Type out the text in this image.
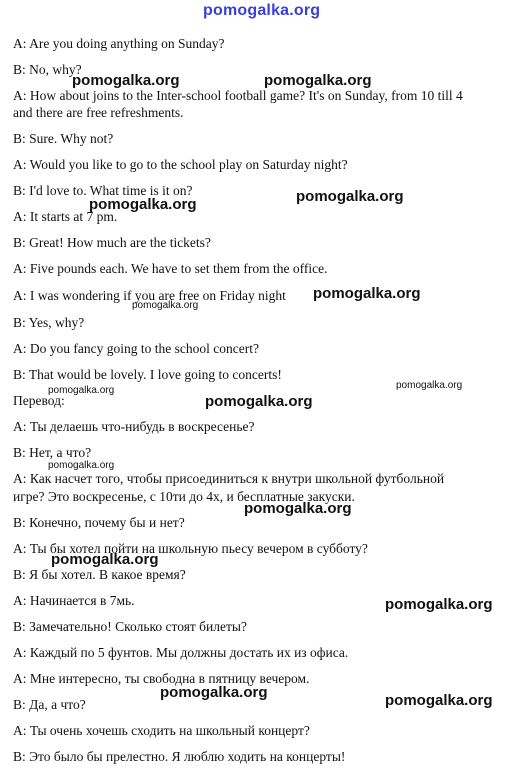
pomogalka.org
A: Are you doing anything on Sunday?
B: No, why?
A: How about joins to the Inter-school football game? It's on Sunday, from 10 till 4
and there are free refreshments.
B: Sure. Why not?
A: Would you like to go to the school play on Saturday night?
B: I'd love to. What time is it on?
A: It starts at 7 pm.
B: Great! How much are the tickets?
A: Five pounds each. We have to set them from the office.
A: I was wondering if you are free on Friday night
B: Yes, why?
A: Do you fancy going to the school concert?
B: That would be lovely. I love going to concerts!
Перевод:
A: Ты делаешь что-нибудь в воскресенье?
B: Нет, а что?
A: Как насчет того, чтобы присоединиться к внутри школьной футбольной
игре? Это воскресенье, с 10ти до 4х, и бесплатные закуски.
B: Конечно, почему бы и нет?
A: Ты бы хотел пойти на школьную пьесу вечером в субботу?
B: Я бы хотел. В какое время?
A: Начинается в 7мь.
B: Замечательно! Сколько стоят билеты?
A: Каждый по 5 фунтов. Мы должны достать их из офиса.
A: Мне интересно, ты свободна в пятницу вечером.
B: Да, а что?
A: Ты очень хочешь сходить на школьный концерт?
B: Это было бы прелестно. Я люблю ходить на концерты!
pomogalka.org	pomogalka.org
pomogalka.org
pomogalka.org
pomogalka.org
pomogalka.org
pomogalka.org	pomogalka.org
pomogalka.org
pomogalka.org
pomogalka.org
pomogalka.org
pomogalka.org
pomogalka.org	pomogalka.org
